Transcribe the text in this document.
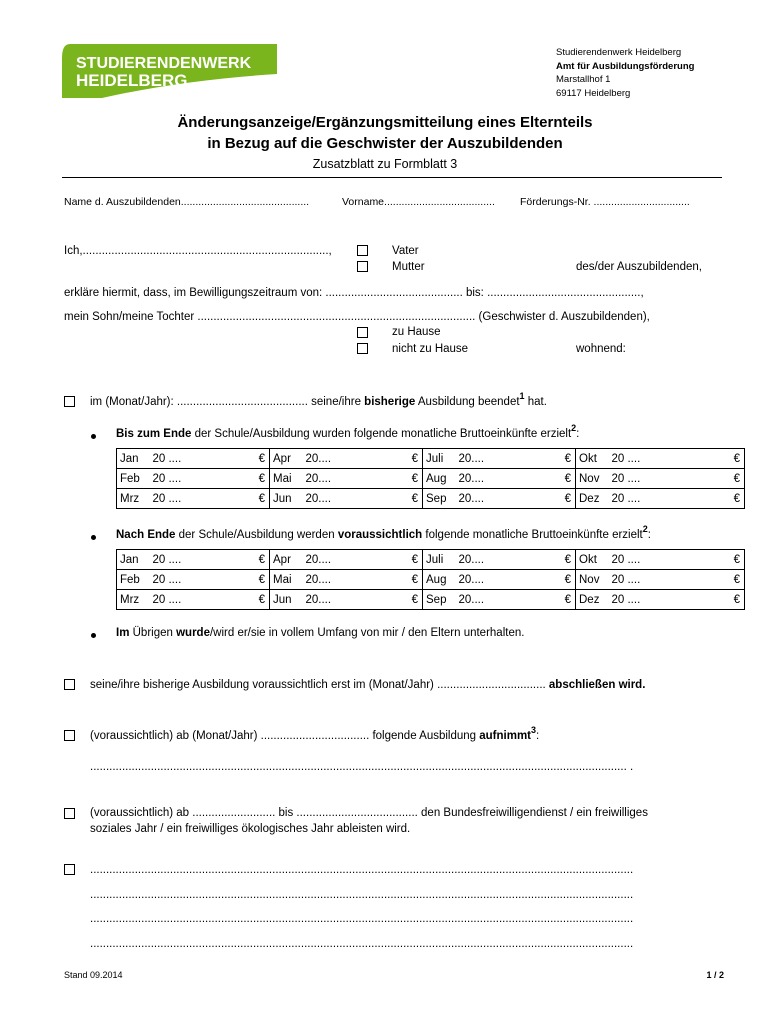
STUDIERENDENWERK
HEIDELBERG
Studierendenwerk Heidelberg
Amt für Ausbildungsförderung
Marstallhof 1
69117 Heidelberg
Änderungsanzeige/Ergänzungsmitteilung eines Elternteils
in Bezug auf die Geschwister der Auszubildenden
Zusatzblatt zu Formblatt 3
Name d. Auszubildenden............................................	Vorname...................................... Förderungs-Nr. .................................
Ich,.............................................................................,	Vater
Mutter	des/der Auszubildenden,
erkläre hiermit, dass, im Bewilligungszeitraum von: ........................................... bis: ................................................,
mein Sohn/meine Tochter ....................................................................................... (Geschwister d. Auszubildenden),
zu Hause
nicht zu Hause	wohnend:
im (Monat/Jahr): ......................................... seine/ihre bisherige Ausbildung beendet$^1$ hat.
Bis zum Ende der Schule/Ausbildung wurden folgende monatliche Bruttoeinkünfte erzielt$^2$:
Jan	20 ....	€	Apr	20....	€	Juli	20....	€	Okt	20 ....	€
Feb	20 ....	€	Mai	20....	€	Aug	20....	€	Nov	20 ....	€
Mrz	20 ....	€	Jun	20....	€	Sep	20....	€	Dez	20 ....	€
Nach Ende der Schule/Ausbildung werden voraussichtlich folgende monatliche Bruttoeinkünfte erzielt$^2$:
Jan	20 ....	€	Apr	20....	€	Juli	20....	€	Okt	20 ....	€
Feb	20 ....	€	Mai	20....	€	Aug	20....	€	Nov	20 ....	€
Mrz	20 ....	€	Jun	20....	€	Sep	20....	€	Dez	20 ....	€
Im Übrigen wurde/wird er/sie in vollem Umfang von mir / den Eltern unterhalten.
seine/ihre bisherige Ausbildung voraussichtlich erst im (Monat/Jahr) .................................. abschließen wird.
(voraussichtlich) ab (Monat/Jahr) .................................. folgende Ausbildung aufnimmt$^3$:
........................................................................................................................................................................ .
(voraussichtlich) ab .......................... bis ...................................... den Bundesfreiwilligendienst / ein freiwilliges
soziales Jahr / ein freiwilliges ökologisches Jahr ableisten wird.
..........................................................................................................................................................................
..........................................................................................................................................................................
..........................................................................................................................................................................
..........................................................................................................................................................................
Stand 09.2014	1 / 2
